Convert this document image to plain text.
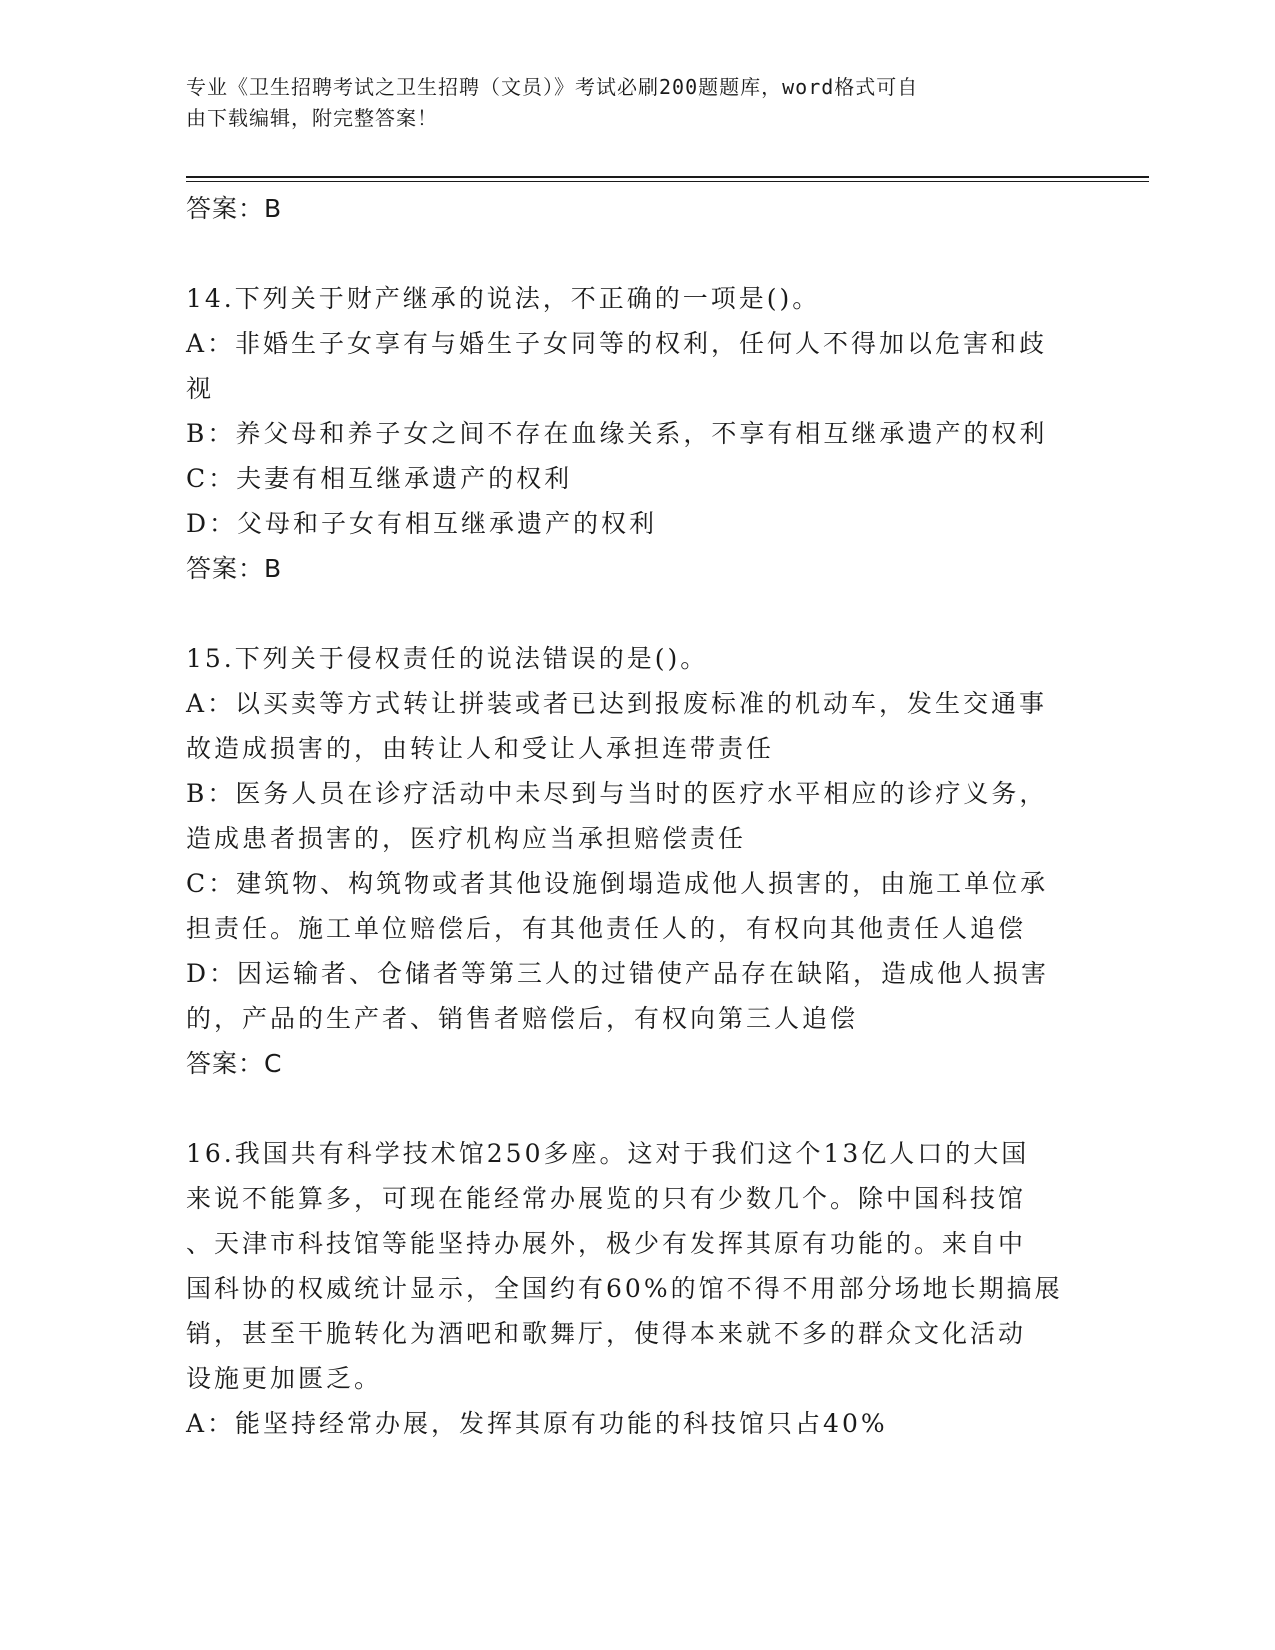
专业《卫生招聘考试之卫生招聘（文员）》考试必刷200题题库，word格式可自
由下载编辑，附完整答案！
答案：B
14.下列关于财产继承的说法，不正确的一项是()。
A：非婚生子女享有与婚生子女同等的权利，任何人不得加以危害和歧
视
B：养父母和养子女之间不存在血缘关系，不享有相互继承遗产的权利
C：夫妻有相互继承遗产的权利
D：父母和子女有相互继承遗产的权利
答案：B
15.下列关于侵权责任的说法错误的是()。
A：以买卖等方式转让拼装或者已达到报废标准的机动车，发生交通事
故造成损害的，由转让人和受让人承担连带责任
B：医务人员在诊疗活动中未尽到与当时的医疗水平相应的诊疗义务，
造成患者损害的，医疗机构应当承担赔偿责任
C：建筑物、构筑物或者其他设施倒塌造成他人损害的，由施工单位承
担责任。施工单位赔偿后，有其他责任人的，有权向其他责任人追偿
D：因运输者、仓储者等第三人的过错使产品存在缺陷，造成他人损害
的，产品的生产者、销售者赔偿后，有权向第三人追偿
答案：C
16.我国共有科学技术馆250多座。这对于我们这个13亿人口的大国
来说不能算多，可现在能经常办展览的只有少数几个。除中国科技馆
、天津市科技馆等能坚持办展外，极少有发挥其原有功能的。来自中
国科协的权威统计显示，全国约有60%的馆不得不用部分场地长期搞展
销，甚至干脆转化为酒吧和歌舞厅，使得本来就不多的群众文化活动
设施更加匮乏。
A：能坚持经常办展，发挥其原有功能的科技馆只占40%
